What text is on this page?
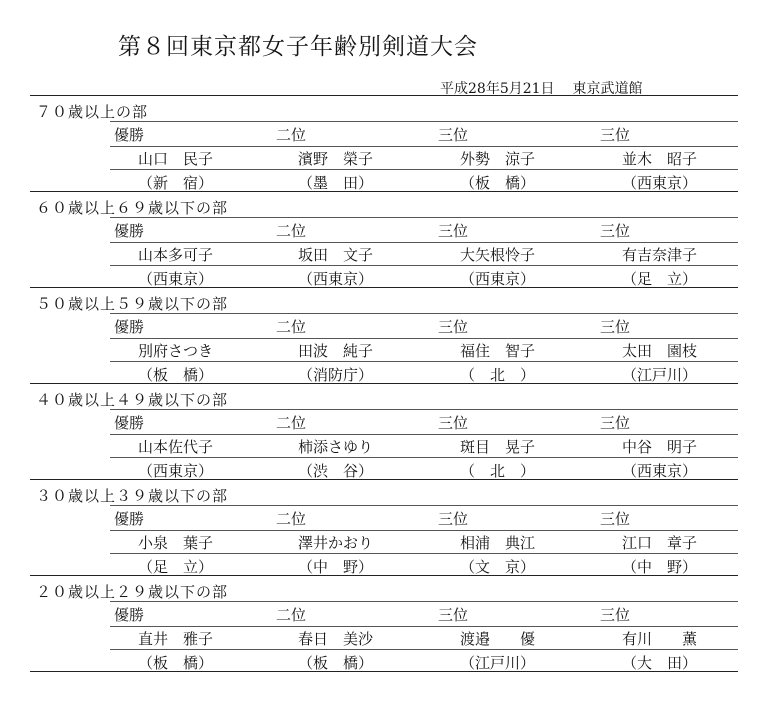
第８回東京都女子年齢別剣道大会
平成28年5月21日 東京武道館
７０歳以上の部
優勝	二位	三位	三位
山口　民子	濱野　榮子	外勢　涼子	並木　昭子
（新　宿）	（墨　田）	（板　橋）	（西東京）
６０歳以上６９歳以下の部
優勝	二位	三位	三位
山本多可子	坂田　文子	大矢根怜子	有吉奈津子
（西東京）	（西東京）	（西東京）	（足　立）
５０歳以上５９歳以下の部
優勝	二位	三位	三位
別府さつき	田波　純子	福住　智子	太田　園枝
（板　橋）	（消防庁）	（　北　）	（江戸川）
４０歳以上４９歳以下の部
優勝	二位	三位	三位
山本佐代子	柿添さゆり	斑目　晃子	中谷　明子
（西東京）	（渋　谷）	（　北　）	（西東京）
３０歳以上３９歳以下の部
優勝	二位	三位	三位
小泉　葉子	澤井かおり	相浦　典江	江口　章子
（足　立）	（中　野）	（文　京）	（中　野）
２０歳以上２９歳以下の部
優勝	二位	三位	三位
直井　雅子	春日　美沙	渡邉　　優	有川　　薫
（板　橋）	（板　橋）	（江戸川）	（大　田）
